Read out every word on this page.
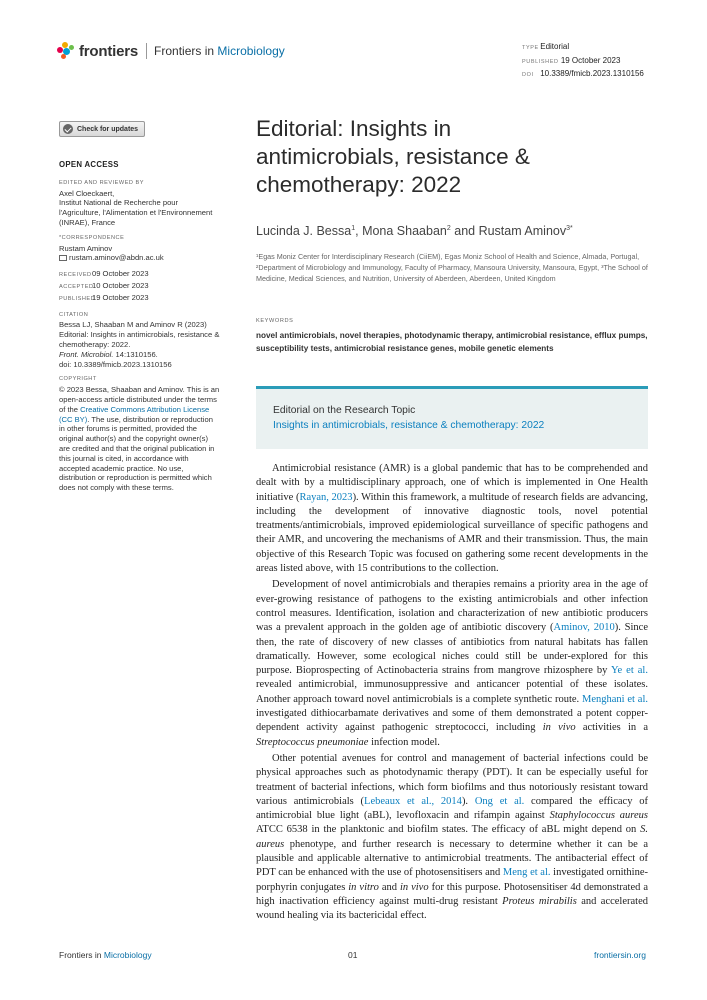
frontiers Frontiers in Microbiology	TYPE Editorial
PUBLISHED 19 October 2023
DOI 10.3389/fmicb.2023.1310156
Check for updates
OPEN ACCESS
EDITED AND REVIEWED BY
Axel Cloeckaert,
Institut National de Recherche pour
l'Agriculture, l'Alimentation et l'Environnement
(INRAE), France
*CORRESPONDENCE
Rustam Aminov
rustam.aminov@abdn.ac.uk
RECEIVED09 October 2023
ACCEPTED10 October 2023
PUBLISHED19 October 2023
CITATION
Bessa LJ, Shaaban M and Aminov R (2023)
Editorial: Insights in antimicrobials, resistance &
chemotherapy: 2022.
Front. Microbiol. 14:1310156.
doi: 10.3389/fmicb.2023.1310156
COPYRIGHT
© 2023 Bessa, Shaaban and Aminov. This is an
open-access article distributed under the terms
of the Creative Commons Attribution License
(CC BY). The use, distribution or reproduction
in other forums is permitted, provided the
original author(s) and the copyright owner(s)
are credited and that the original publication in
this journal is cited, in accordance with
accepted academic practice. No use,
distribution or reproduction is permitted which
does not comply with these terms.
Editorial: Insights in antimicrobials, resistance & chemotherapy: 2022
Lucinda J. Bessa$^1$, Mona Shaaban$^2$ and Rustam Aminov$^{3*}$
¹Egas Moniz Center for Interdisciplinary Research (CiiEM), Egas Moniz School of Health and Science, Almada, Portugal, ²Department of Microbiology and Immunology, Faculty of Pharmacy, Mansoura University, Mansoura, Egypt, ³The School of Medicine, Medical Sciences, and Nutrition, University of Aberdeen, Aberdeen, United Kingdom
KEYWORDS
novel antimicrobials, novel therapies, photodynamic therapy, antimicrobial resistance, efflux pumps, susceptibility tests, antimicrobial resistance genes, mobile genetic elements
Editorial on the Research Topic
Insights in antimicrobials, resistance & chemotherapy: 2022

Antimicrobial resistance (AMR) is a global pandemic that has to be comprehended and dealt with by a multidisciplinary approach, one of which is implemented in One Health initiative (Rayan, 2023). Within this framework, a multitude of research fields are advancing, including the development of innovative diagnostic tools, novel potential treatments/antimicrobials, improved epidemiological surveillance of specific pathogens and their AMR, and uncovering the mechanisms of AMR and their transmission. Thus, the main objective of this Research Topic was focused on gathering some recent developments in the areas listed above, with 15 contributions to the collection.

Development of novel antimicrobials and therapies remains a priority area in the age of ever-growing resistance of pathogens to the existing antimicrobials and other infection control measures. Identification, isolation and characterization of new antibiotic producers was a prevalent approach in the golden age of antibiotic discovery (Aminov, 2010). Since then, the rate of discovery of new classes of antibiotics from natural habitats has fallen dramatically. However, some ecological niches could still be under-explored for this purpose. Bioprospecting of Actinobacteria strains from mangrove rhizosphere by Ye et al. revealed antimicrobial, immunosuppressive and anticancer potential of these isolates. Another approach toward novel antimicrobials is a complete synthetic route. Menghani et al. investigated dithiocarbamate derivatives and some of them demonstrated a potent copper-dependent activity against pathogenic streptococci, including in vivo activities in a Streptococcus pneumoniae infection model.

Other potential avenues for control and management of bacterial infections could be physical approaches such as photodynamic therapy (PDT). It can be especially useful for treatment of bacterial infections, which form biofilms and thus notoriously resistant toward various antimicrobials (Lebeaux et al., 2014). Ong et al. compared the efficacy of antimicrobial blue light (aBL), levofloxacin and rifampin against Staphylococcus aureus ATCC 6538 in the planktonic and biofilm states. The efficacy of aBL might depend on S. aureus phenotype, and further research is necessary to determine whether it can be a plausible and applicable alternative to antimicrobial treatments. The antibacterial effect of PDT can be enhanced with the use of photosensitisers and Meng et al. investigated ornithine-porphyrin conjugates in vitro and in vivo for this purpose. Photosensitiser 4d demonstrated a high inactivation efficiency against multi-drug resistant Proteus mirabilis and accelerated wound healing via its bactericidal effect.

Frontiers in Microbiology	01	frontiersin.org
